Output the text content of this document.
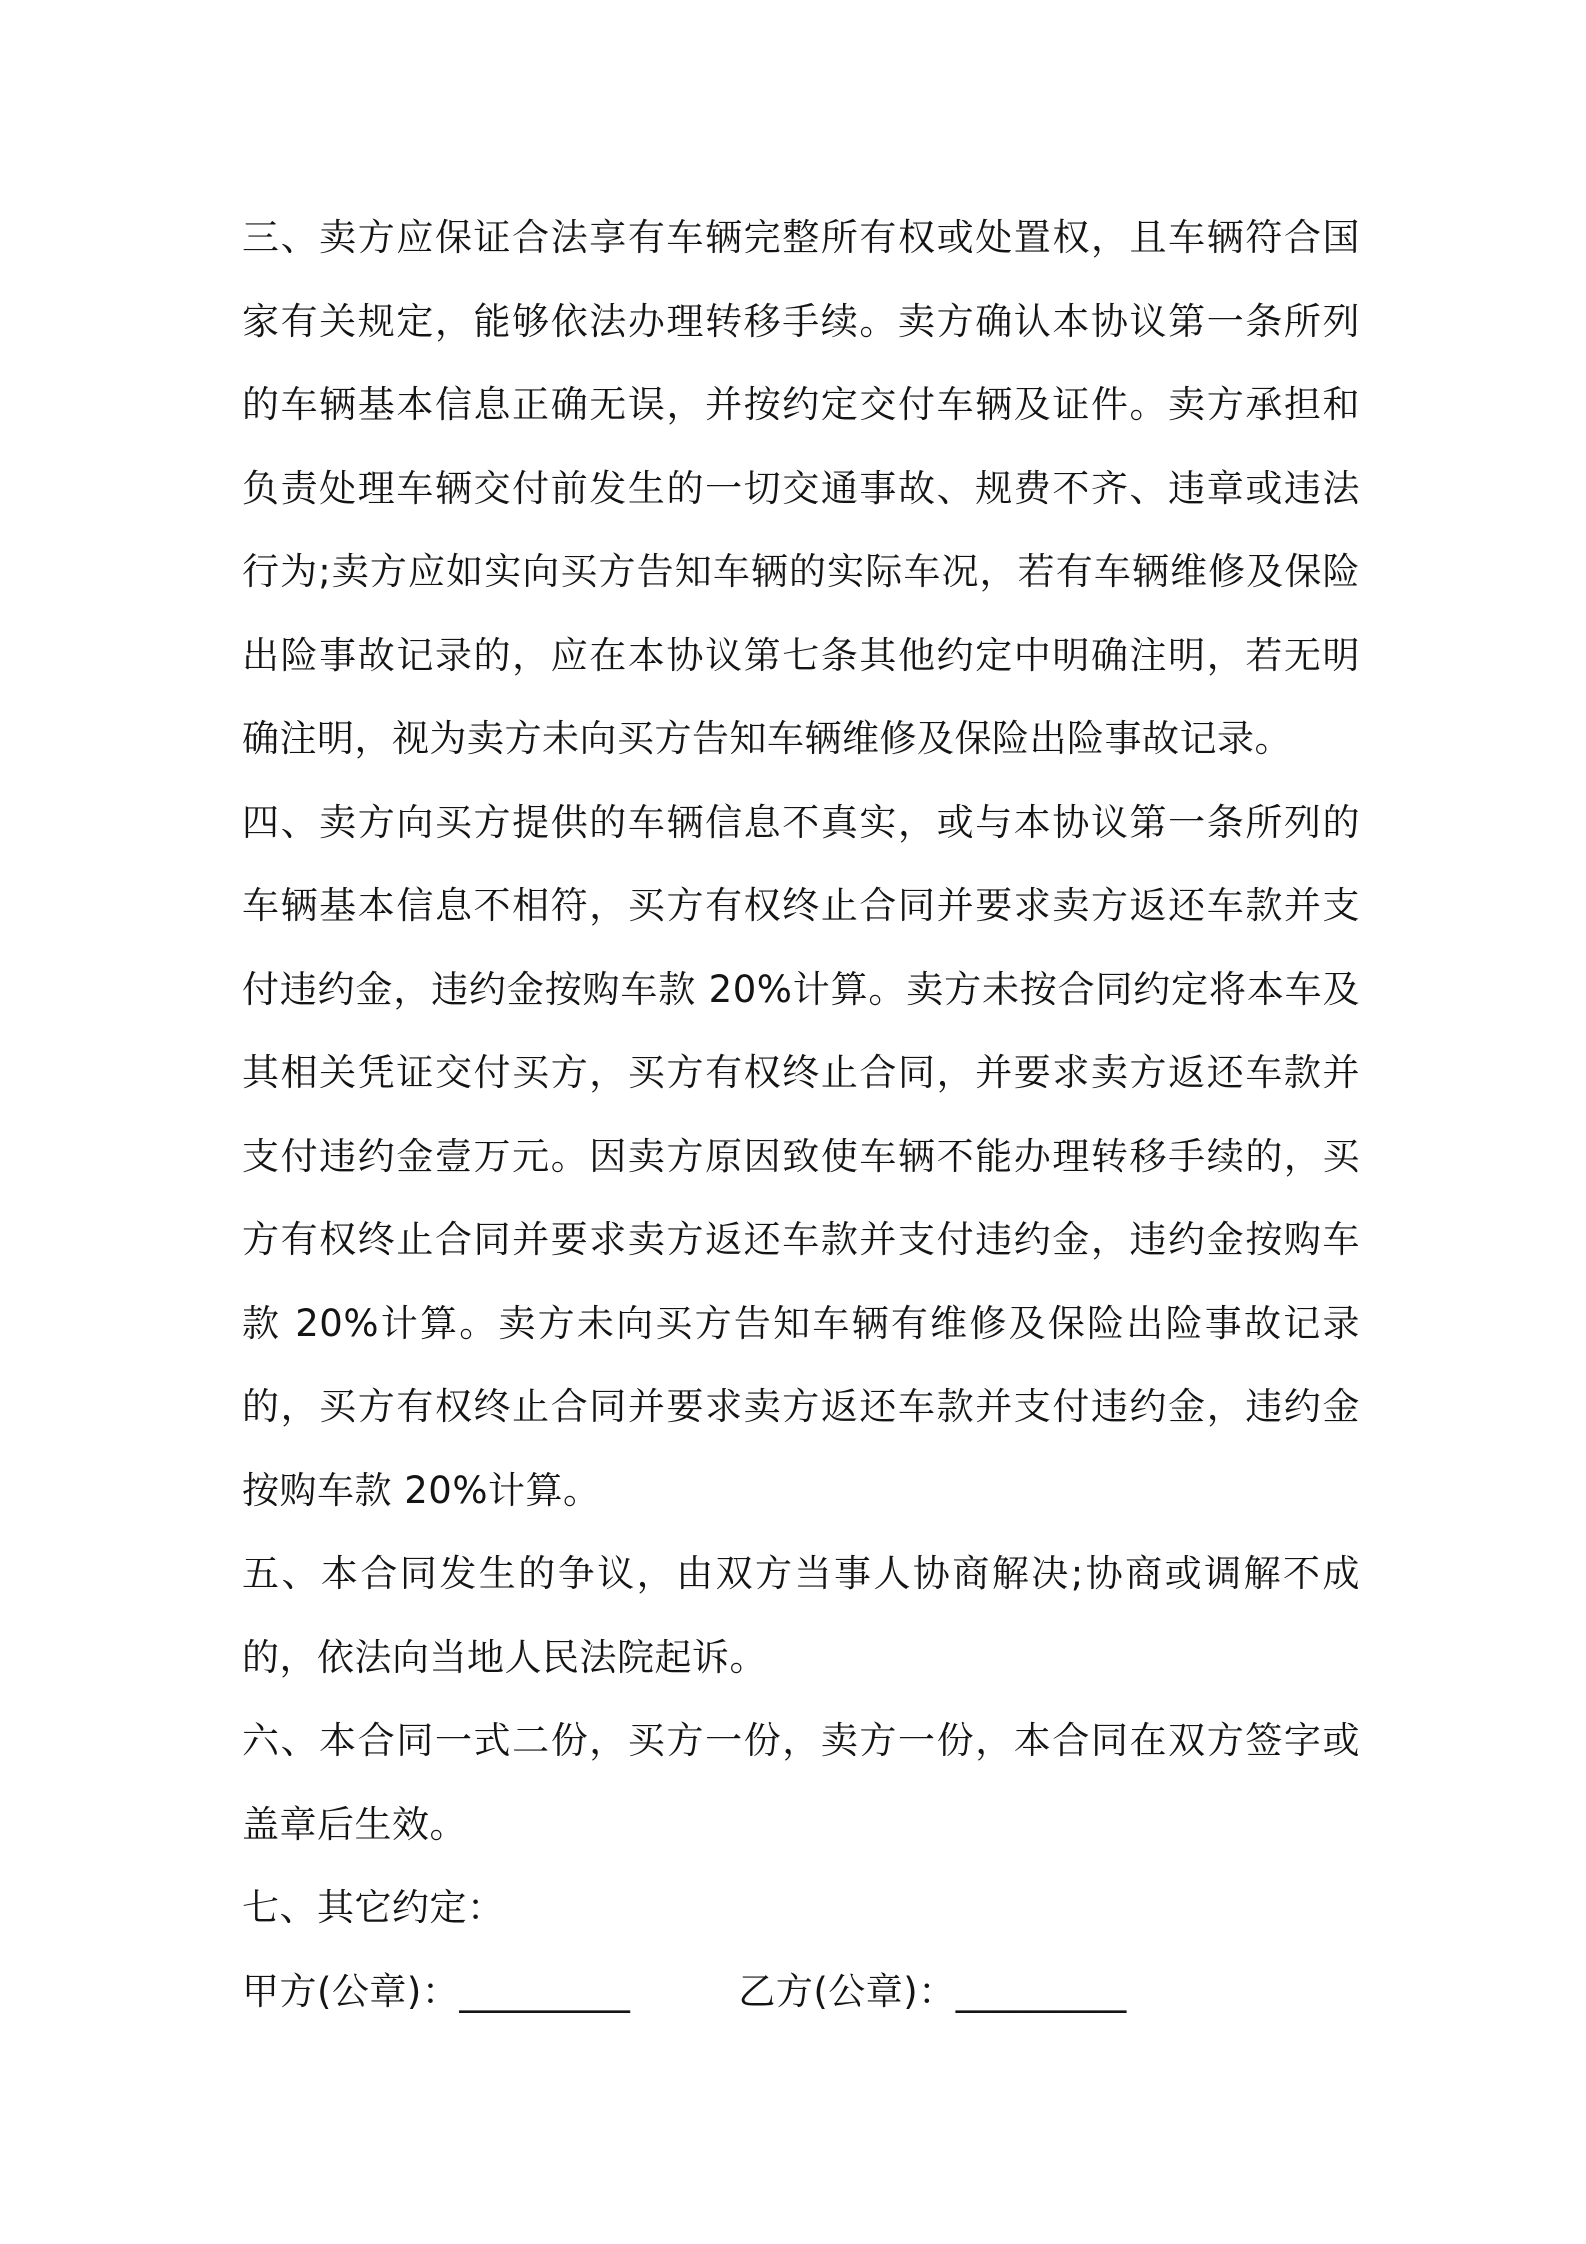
三、卖方应保证合法享有车辆完整所有权或处置权，且车辆符合国家有关规定，能够依法办理转移手续。卖方确认本协议第一条所列的车辆基本信息正确无误，并按约定交付车辆及证件。卖方承担和负责处理车辆交付前发生的一切交通事故、规费不齐、违章或违法行为;卖方应如实向买方告知车辆的实际车况，若有车辆维修及保险出险事故记录的，应在本协议第七条其他约定中明确注明，若无明确注明，视为卖方未向买方告知车辆维修及保险出险事故记录。

四、卖方向买方提供的车辆信息不真实，或与本协议第一条所列的车辆基本信息不相符，买方有权终止合同并要求卖方返还车款并支付违约金，违约金按购车款 20%计算。卖方未按合同约定将本车及其相关凭证交付买方，买方有权终止合同，并要求卖方返还车款并支付违约金壹万元。因卖方原因致使车辆不能办理转移手续的，买方有权终止合同并要求卖方返还车款并支付违约金，违约金按购车款 20%计算。卖方未向买方告知车辆有维修及保险出险事故记录的，买方有权终止合同并要求卖方返还车款并支付违约金，违约金按购车款 20%计算。

五、本合同发生的争议，由双方当事人协商解决;协商或调解不成的，依法向当地人民法院起诉。

六、本合同一式二份，买方一份，卖方一份，本合同在双方签字或盖章后生效。

七、其它约定：

甲方(公章)：_________	乙方(公章)：_________
